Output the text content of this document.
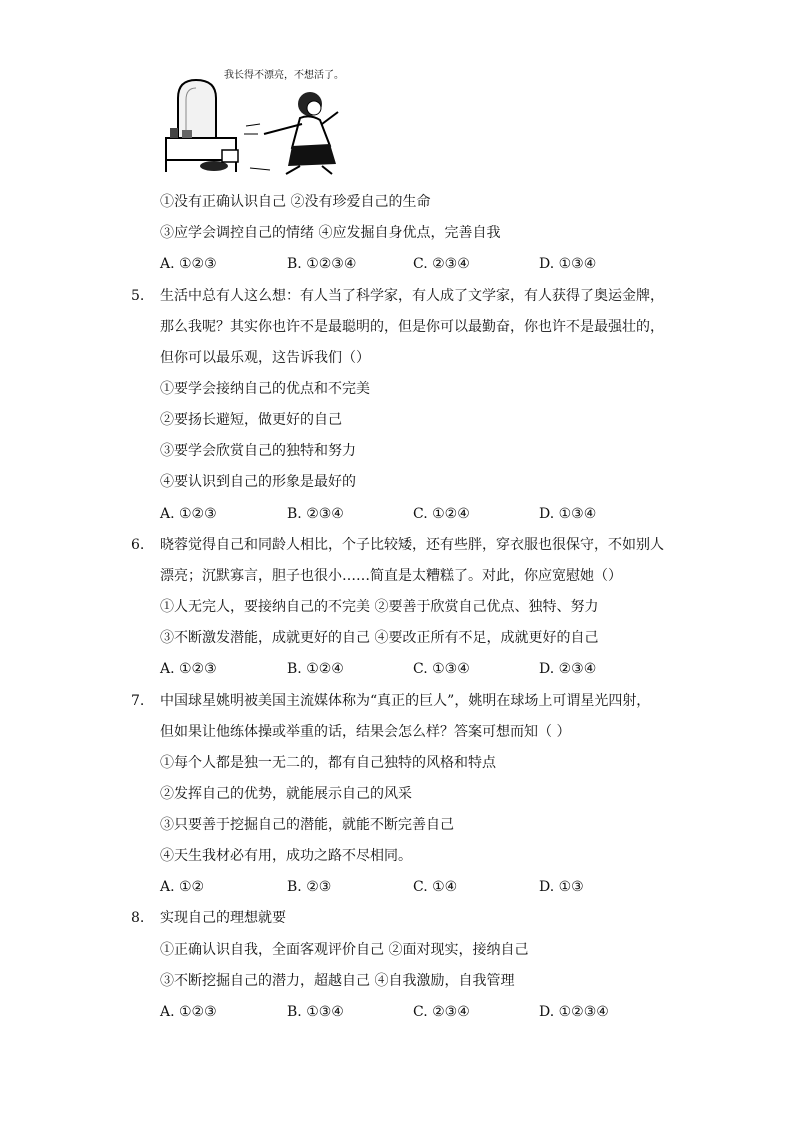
我长得不漂亮，不想活了。
①没有正确认识自己 ②没有珍爱自己的生命
③应学会调控自己的情绪 ④应发掘自身优点，完善自我
A. ①②③	B. ①②③④	C. ②③④	D. ①③④
5. 生活中总有人这么想：有人当了科学家，有人成了文学家，有人获得了奥运金牌，
那么我呢？其实你也许不是最聪明的，但是你可以最勤奋，你也许不是最强壮的，
但你可以最乐观，这告诉我们（）
①要学会接纳自己的优点和不完美
②要扬长避短，做更好的自己
③要学会欣赏自己的独特和努力
④要认识到自己的形象是最好的
A. ①②③	B. ②③④	C. ①②④	D. ①③④
6. 晓蓉觉得自己和同龄人相比，个子比较矮，还有些胖，穿衣服也很保守，不如别人
漂亮；沉默寡言，胆子也很小……简直是太糟糕了。对此，你应宽慰她（）
①人无完人，要接纳自己的不完美 ②要善于欣赏自己优点、独特、努力
③不断激发潜能，成就更好的自己 ④要改正所有不足，成就更好的自己
A. ①②③	B. ①②④	C. ①③④	D. ②③④
7. 中国球星姚明被美国主流媒体称为“真正的巨人”，姚明在球场上可谓星光四射，
但如果让他练体操或举重的话，结果会怎么样？答案可想而知（ ）
①每个人都是独一无二的，都有自己独特的风格和特点
②发挥自己的优势，就能展示自己的风采
③只要善于挖掘自己的潜能，就能不断完善自己
④天生我材必有用，成功之路不尽相同。
A. ①②	B. ②③	C. ①④	D. ①③
8. 实现自己的理想就要
①正确认识自我，全面客观评价自己 ②面对现实，接纳自己
③不断挖掘自己的潜力，超越自己 ④自我激励，自我管理
A. ①②③	B. ①③④	C. ②③④	D. ①②③④
